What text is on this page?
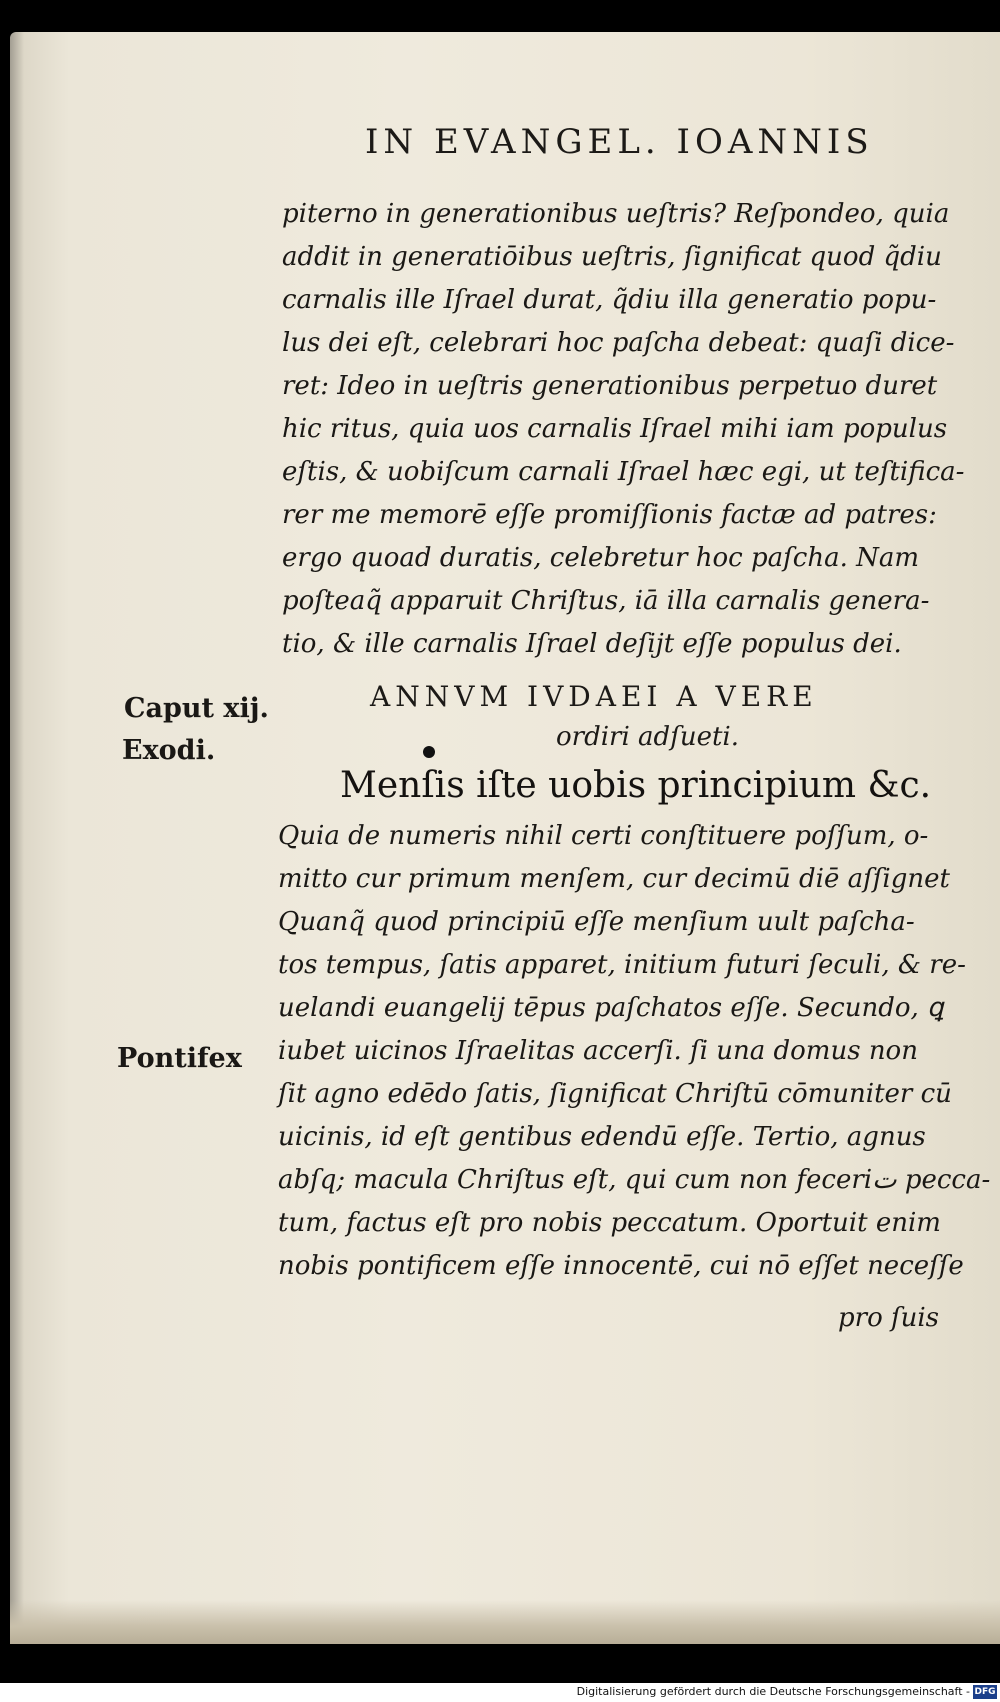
IN EVANGEL. IOANNIS
piterno in generationibus ueſtris? Reſpondeo, quia
addit in generatiōibus ueſtris, ſignificat quod q̃diu
carnalis ille Iſrael durat, q̃diu illa generatio popu-
lus dei eſt, celebrari hoc paſcha debeat: quaſi dice-
ret: Ideo in ueſtris generationibus perpetuo duret
hic ritus, quia uos carnalis Iſrael mihi iam populus
eſtis, & uobiſcum carnali Iſrael hæc egi, ut teſtifica-
rer me memorē eſſe promiſſionis factæ ad patres:
ergo quoad duratis, celebretur hoc paſcha. Nam
poſteaq̃ apparuit Chriſtus, iā illa carnalis genera-
tio, & ille carnalis Iſrael deſijt eſſe populus dei.
Caput xij.
Exodi.
ANNVM IVDAEI A VERE
ordiri adſueti.
Menſis iſte uobis principium &c.
Quia de numeris nihil certi conſtituere poſſum, o-
mitto cur primum menſem, cur decimū diē aſſignet
Quanq̃ quod principiū eſſe menſium uult paſcha-
tos tempus, ſatis apparet, initium futuri ſeculi, & re-
uelandi euangelij tēpus paſchatos eſſe. Secundo, ꝗ
iubet uicinos Iſraelitas accerſi. ſi una domus non
ſit agno edēdo ſatis, ſignificat Chriſtū cōmuniter cū
uicinis, id eſt gentibus edendū eſſe. Tertio, agnus
abſq; macula Chriſtus eſt, qui cum non feceriت pecca-
tum, factus eſt pro nobis peccatum. Oportuit enim
nobis pontificem eſſe innocentē, cui nō eſſet neceſſe
Pontifex
pro ſuis
Digitalisierung gefördert durch die Deutsche Forschungsgemeinschaft - DFG
